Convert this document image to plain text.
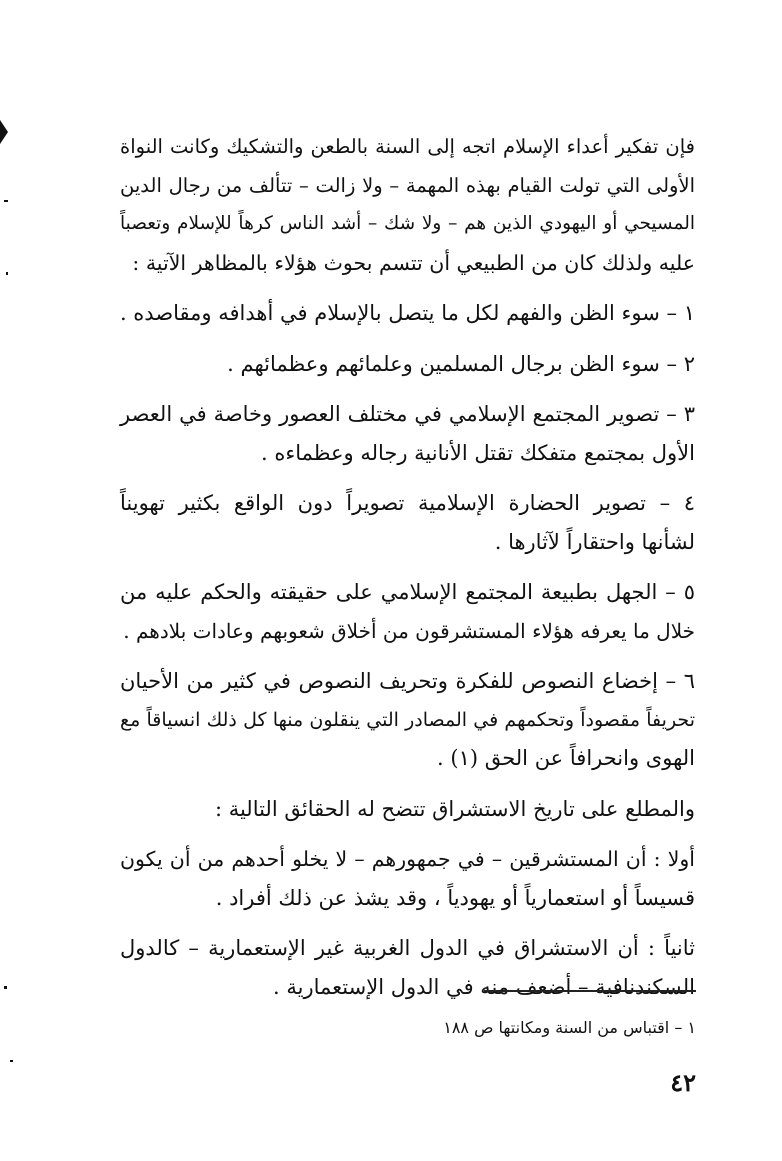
فإن تفكير أعداء الإسلام اتجه إلى السنة بالطعن والتشكيك وكانت النواة
الأولى التي تولت القيام بهذه المهمة – ولا زالت – تتألف من رجال الدين
المسيحي أو اليهودي الذين هم – ولا شك – أشد الناس كرهاً للإسلام وتعصباً
عليه ولذلك كان من الطبيعي أن تتسم بحوث هؤلاء بالمظاهر الآتية :

١ – سوء الظن والفهم لكل ما يتصل بالإسلام في أهدافه ومقاصده .

٢ – سوء الظن برجال المسلمين وعلمائهم وعظمائهم .

٣ – تصوير المجتمع الإسلامي في مختلف العصور وخاصة في العصر
الأول بمجتمع متفكك تقتل الأنانية رجاله وعظماءه .

٤ – تصوير الحضارة الإسلامية تصويراً دون الواقع بكثير تهويناً
لشأنها واحتقاراً لآثارها .

٥ – الجهل بطبيعة المجتمع الإسلامي على حقيقته والحكم عليه من
خلال ما يعرفه هؤلاء المستشرقون من أخلاق شعوبهم وعادات بلادهم .

٦ – إخضاع النصوص للفكرة وتحريف النصوص في كثير من الأحيان
تحريفاً مقصوداً وتحكمهم في المصادر التي ينقلون منها كل ذلك انسياقاً مع
الهوى وانحرافاً عن الحق (١) .

والمطلع على تاريخ الاستشراق تتضح له الحقائق التالية :

أولا : أن المستشرقين – في جمهورهم – لا يخلو أحدهم من أن يكون
قسيساً أو استعمارياً أو يهودياً ، وقد يشذ عن ذلك أفراد .

ثانياً : أن الاستشراق في الدول الغربية غير الإستعمارية – كالدول
السكندنافية – أضعف منه في الدول الإستعمارية .

١ – اقتباس من السنة ومكانتها ص ١٨٨
٤٢
